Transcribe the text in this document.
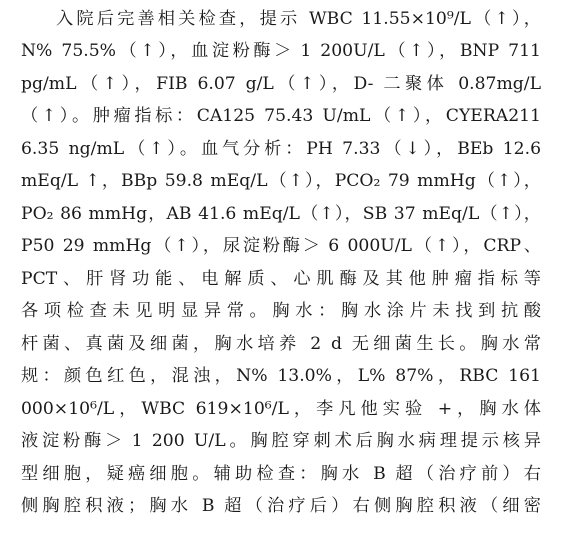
入院后完善相关检查，提示 WBC 11.55×10⁹/L（↑），
N% 75.5%（↑），血淀粉酶＞ 1 200U/L（↑），BNP 711
pg/mL（↑），FIB 6.07 g/L（↑），D- 二聚体 0.87mg/L
（↑）。肿瘤指标：CA125 75.43 U/mL（↑），CYERA211
6.35 ng/mL（↑）。血气分析：PH 7.33（↓），BEb 12.6
mEq/L ↑，BBp 59.8 mEq/L（↑），PCO₂ 79 mmHg（↑），
PO₂ 86 mmHg，AB 41.6 mEq/L（↑），SB 37 mEq/L（↑），
P50 29 mmHg（↑），尿淀粉酶＞ 6 000U/L（↑），CRP、
PCT、肝肾功能、电解质、心肌酶及其他肿瘤指标等
各项检查未见明显异常。胸水：胸水涂片未找到抗酸
杆菌、真菌及细菌，胸水培养 2 d 无细菌生长。胸水常
规：颜色红色，混浊，N% 13.0%，L% 87%，RBC 161
000×10⁶/L，WBC 619×10⁶/L，李凡他实验 +，胸水体
液淀粉酶＞ 1 200 U/L。胸腔穿刺术后胸水病理提示核异
型细胞，疑癌细胞。辅助检查：胸水 B 超（治疗前）右
侧胸腔积液；胸水 B 超（治疗后）右侧胸腔积液（细密
